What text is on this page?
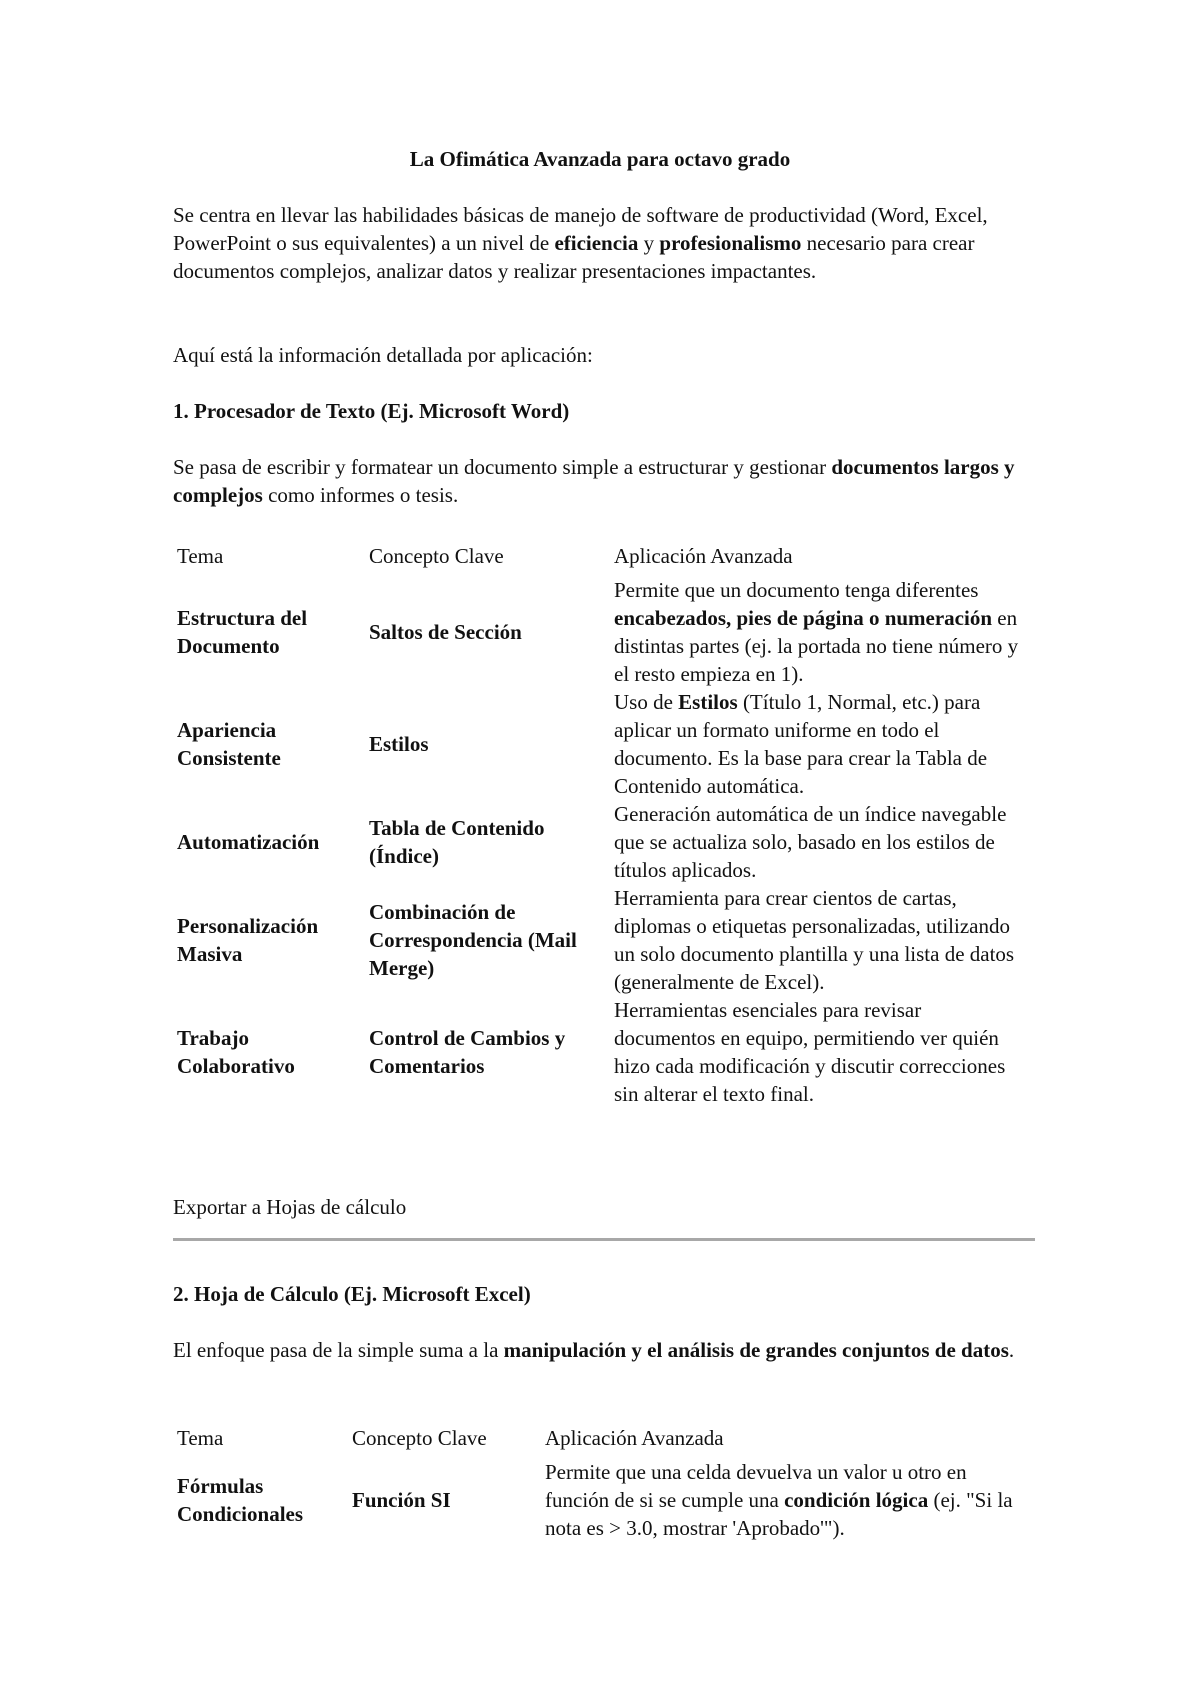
La Ofimática Avanzada para octavo grado

Se centra en llevar las habilidades básicas de manejo de software de productividad (Word, Excel, PowerPoint o sus equivalentes) a un nivel de eficiencia y profesionalismo necesario para crear documentos complejos, analizar datos y realizar presentaciones impactantes.

Aquí está la información detallada por aplicación:

1. Procesador de Texto (Ej. Microsoft Word)

Se pasa de escribir y formatear un documento simple a estructurar y gestionar documentos largos y complejos como informes o tesis.

Tema	Concepto Clave	Aplicación Avanzada
Estructura del Documento	Saltos de Sección	Permite que un documento tenga diferentes encabezados, pies de página o numeración en distintas partes (ej. la portada no tiene número y el resto empieza en 1).
Apariencia Consistente	Estilos	Uso de Estilos (Título 1, Normal, etc.) para aplicar un formato uniforme en todo el documento. Es la base para crear la Tabla de Contenido automática.
Automatización	Tabla de Contenido (Índice)	Generación automática de un índice navegable que se actualiza solo, basado en los estilos de títulos aplicados.
Personalización Masiva	Combinación de Correspondencia (Mail Merge)	Herramienta para crear cientos de cartas, diplomas o etiquetas personalizadas, utilizando un solo documento plantilla y una lista de datos (generalmente de Excel).
Trabajo Colaborativo	Control de Cambios y Comentarios	Herramientas esenciales para revisar documentos en equipo, permitiendo ver quién hizo cada modificación y discutir correcciones sin alterar el texto final.

Exportar a Hojas de cálculo

2. Hoja de Cálculo (Ej. Microsoft Excel)

El enfoque pasa de la simple suma a la manipulación y el análisis de grandes conjuntos de datos.

Tema	Concepto Clave	Aplicación Avanzada
Fórmulas Condicionales	Función SI	Permite que una celda devuelva un valor u otro en función de si se cumple una condición lógica (ej. "Si la nota es > 3.0, mostrar 'Aprobado'").
